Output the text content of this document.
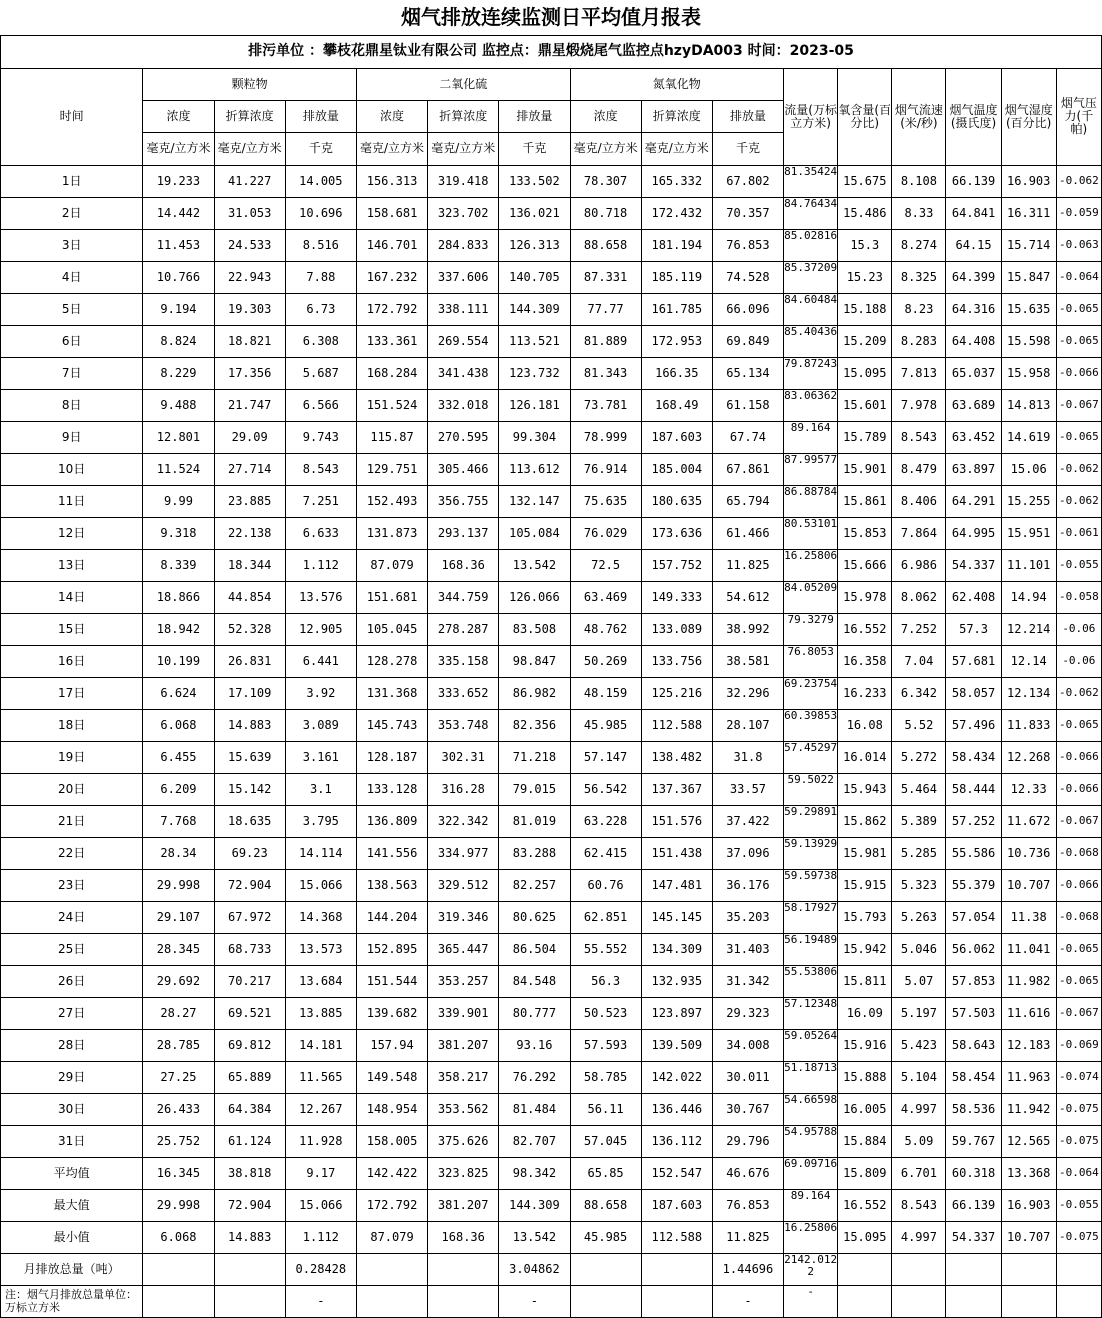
烟气排放连续监测日平均值月报表															
排污单位 ：攀枝花鼎星钛业有限公司 监控点：鼎星煅烧尾气监控点hzyDA003 时间：2023-05															
时间	颗粒物			二氧化硫			氮氧化物			流量(万标立方米)	氧含量(百分比)	烟气流速(米/秒)	烟气温度(摄氏度)	烟气湿度(百分比)	烟气压力(千帕)
	浓度	折算浓度	排放量	浓度	折算浓度	排放量	浓度	折算浓度	排放量						
	毫克/立方米	毫克/立方米	千克	毫克/立方米	毫克/立方米	千克	毫克/立方米	毫克/立方米	千克						
1日	19.233	41.227	14.005	156.313	319.418	133.502	78.307	165.332	67.802	81.35424	15.675	8.108	66.139	16.903	-0.062
2日	14.442	31.053	10.696	158.681	323.702	136.021	80.718	172.432	70.357	84.76434	15.486	8.33	64.841	16.311	-0.059
3日	11.453	24.533	8.516	146.701	284.833	126.313	88.658	181.194	76.853	85.02816	15.3	8.274	64.15	15.714	-0.063
4日	10.766	22.943	7.88	167.232	337.606	140.705	87.331	185.119	74.528	85.37209	15.23	8.325	64.399	15.847	-0.064
5日	9.194	19.303	6.73	172.792	338.111	144.309	77.77	161.785	66.096	84.60484	15.188	8.23	64.316	15.635	-0.065
6日	8.824	18.821	6.308	133.361	269.554	113.521	81.889	172.953	69.849	85.40436	15.209	8.283	64.408	15.598	-0.065
7日	8.229	17.356	5.687	168.284	341.438	123.732	81.343	166.35	65.134	79.87243	15.095	7.813	65.037	15.958	-0.066
8日	9.488	21.747	6.566	151.524	332.018	126.181	73.781	168.49	61.158	83.06362	15.601	7.978	63.689	14.813	-0.067
9日	12.801	29.09	9.743	115.87	270.595	99.304	78.999	187.603	67.74	89.164	15.789	8.543	63.452	14.619	-0.065
10日	11.524	27.714	8.543	129.751	305.466	113.612	76.914	185.004	67.861	87.99577	15.901	8.479	63.897	15.06	-0.062
11日	9.99	23.885	7.251	152.493	356.755	132.147	75.635	180.635	65.794	86.88784	15.861	8.406	64.291	15.255	-0.062
12日	9.318	22.138	6.633	131.873	293.137	105.084	76.029	173.636	61.466	80.53101	15.853	7.864	64.995	15.951	-0.061
13日	8.339	18.344	1.112	87.079	168.36	13.542	72.5	157.752	11.825	16.25806	15.666	6.986	54.337	11.101	-0.055
14日	18.866	44.854	13.576	151.681	344.759	126.066	63.469	149.333	54.612	84.05209	15.978	8.062	62.408	14.94	-0.058
15日	18.942	52.328	12.905	105.045	278.287	83.508	48.762	133.089	38.992	79.3279	16.552	7.252	57.3	12.214	-0.06
16日	10.199	26.831	6.441	128.278	335.158	98.847	50.269	133.756	38.581	76.8053	16.358	7.04	57.681	12.14	-0.06
17日	6.624	17.109	3.92	131.368	333.652	86.982	48.159	125.216	32.296	69.23754	16.233	6.342	58.057	12.134	-0.062
18日	6.068	14.883	3.089	145.743	353.748	82.356	45.985	112.588	28.107	60.39853	16.08	5.52	57.496	11.833	-0.065
19日	6.455	15.639	3.161	128.187	302.31	71.218	57.147	138.482	31.8	57.45297	16.014	5.272	58.434	12.268	-0.066
20日	6.209	15.142	3.1	133.128	316.28	79.015	56.542	137.367	33.57	59.5022	15.943	5.464	58.444	12.33	-0.066
21日	7.768	18.635	3.795	136.809	322.342	81.019	63.228	151.576	37.422	59.29891	15.862	5.389	57.252	11.672	-0.067
22日	28.34	69.23	14.114	141.556	334.977	83.288	62.415	151.438	37.096	59.13929	15.981	5.285	55.586	10.736	-0.068
23日	29.998	72.904	15.066	138.563	329.512	82.257	60.76	147.481	36.176	59.59738	15.915	5.323	55.379	10.707	-0.066
24日	29.107	67.972	14.368	144.204	319.346	80.625	62.851	145.145	35.203	58.17927	15.793	5.263	57.054	11.38	-0.068
25日	28.345	68.733	13.573	152.895	365.447	86.504	55.552	134.309	31.403	56.19489	15.942	5.046	56.062	11.041	-0.065
26日	29.692	70.217	13.684	151.544	353.257	84.548	56.3	132.935	31.342	55.53806	15.811	5.07	57.853	11.982	-0.065
27日	28.27	69.521	13.885	139.682	339.901	80.777	50.523	123.897	29.323	57.12348	16.09	5.197	57.503	11.616	-0.067
28日	28.785	69.812	14.181	157.94	381.207	93.16	57.593	139.509	34.008	59.05264	15.916	5.423	58.643	12.183	-0.069
29日	27.25	65.889	11.565	149.548	358.217	76.292	58.785	142.022	30.011	51.18713	15.888	5.104	58.454	11.963	-0.074
30日	26.433	64.384	12.267	148.954	353.562	81.484	56.11	136.446	30.767	54.66598	16.005	4.997	58.536	11.942	-0.075
31日	25.752	61.124	11.928	158.005	375.626	82.707	57.045	136.112	29.796	54.95788	15.884	5.09	59.767	12.565	-0.075
平均值	16.345	38.818	9.17	142.422	323.825	98.342	65.85	152.547	46.676	69.09716	15.809	6.701	60.318	13.368	-0.064
最大值	29.998	72.904	15.066	172.792	381.207	144.309	88.658	187.603	76.853	89.164	16.552	8.543	66.139	16.903	-0.055
最小值	6.068	14.883	1.112	87.079	168.36	13.542	45.985	112.588	11.825	16.25806	15.095	4.997	54.337	10.707	-0.075
月排放总量（吨）			0.28428			3.04862			1.44696	2142.0122					
注：烟气月排放总量单位：万标立方米			-			-			-	-					
